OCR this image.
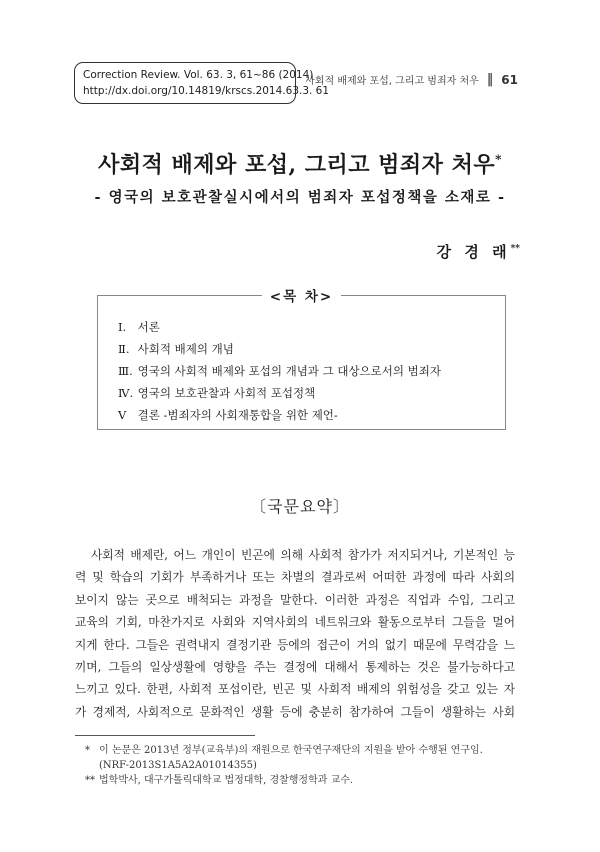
Correction Review. Vol. 63. 3, 61~86 (2014)
http://dx.doi.org/10.14819/krscs.2014.63.3. 61
사회적 배제와 포섭, 그리고 범죄자 처우 ‖ 61
사회적 배제와 포섭, 그리고 범죄자 처우*
- 영국의 보호관찰실시에서의 범죄자 포섭정책을 소재로 -
강 경 래**
<목 차>
Ⅰ. 서론
Ⅱ. 사회적 배제의 개념
Ⅲ. 영국의 사회적 배제와 포섭의 개념과 그 대상으로서의 범죄자
Ⅳ. 영국의 보호관찰과 사회적 포섭정책
Ⅴ 결론 -범죄자의 사회재통합을 위한 제언-
〔국문요약〕
사회적 배제란, 어느 개인이 빈곤에 의해 사회적 참가가 저지되거나, 기본적인 능
력 및 학습의 기회가 부족하거나 또는 차별의 결과로써 어떠한 과정에 따라 사회의
보이지 않는 곳으로 배척되는 과정을 말한다. 이러한 과정은 직업과 수입, 그리고
교육의 기회, 마찬가지로 사회와 지역사회의 네트워크와 활동으로부터 그들을 멀어
지게 한다. 그들은 권력내지 결정기관 등에의 접근이 거의 없기 때문에 무력감을 느
끼며, 그들의 일상생활에 영향을 주는 결정에 대해서 통제하는 것은 불가능하다고
느끼고 있다. 한편, 사회적 포섭이란, 빈곤 및 사회적 배제의 위험성을 갖고 있는 자
가 경제적, 사회적으로 문화적인 생활 등에 충분히 참가하여 그들이 생활하는 사회
* 이 논문은 2013년 정부(교육부)의 재원으로 한국연구재단의 지원을 받아 수행된 연구임.
(NRF-2013S1A5A2A01014355)
** 법학박사, 대구가톨릭대학교 법정대학, 경찰행정학과 교수.
